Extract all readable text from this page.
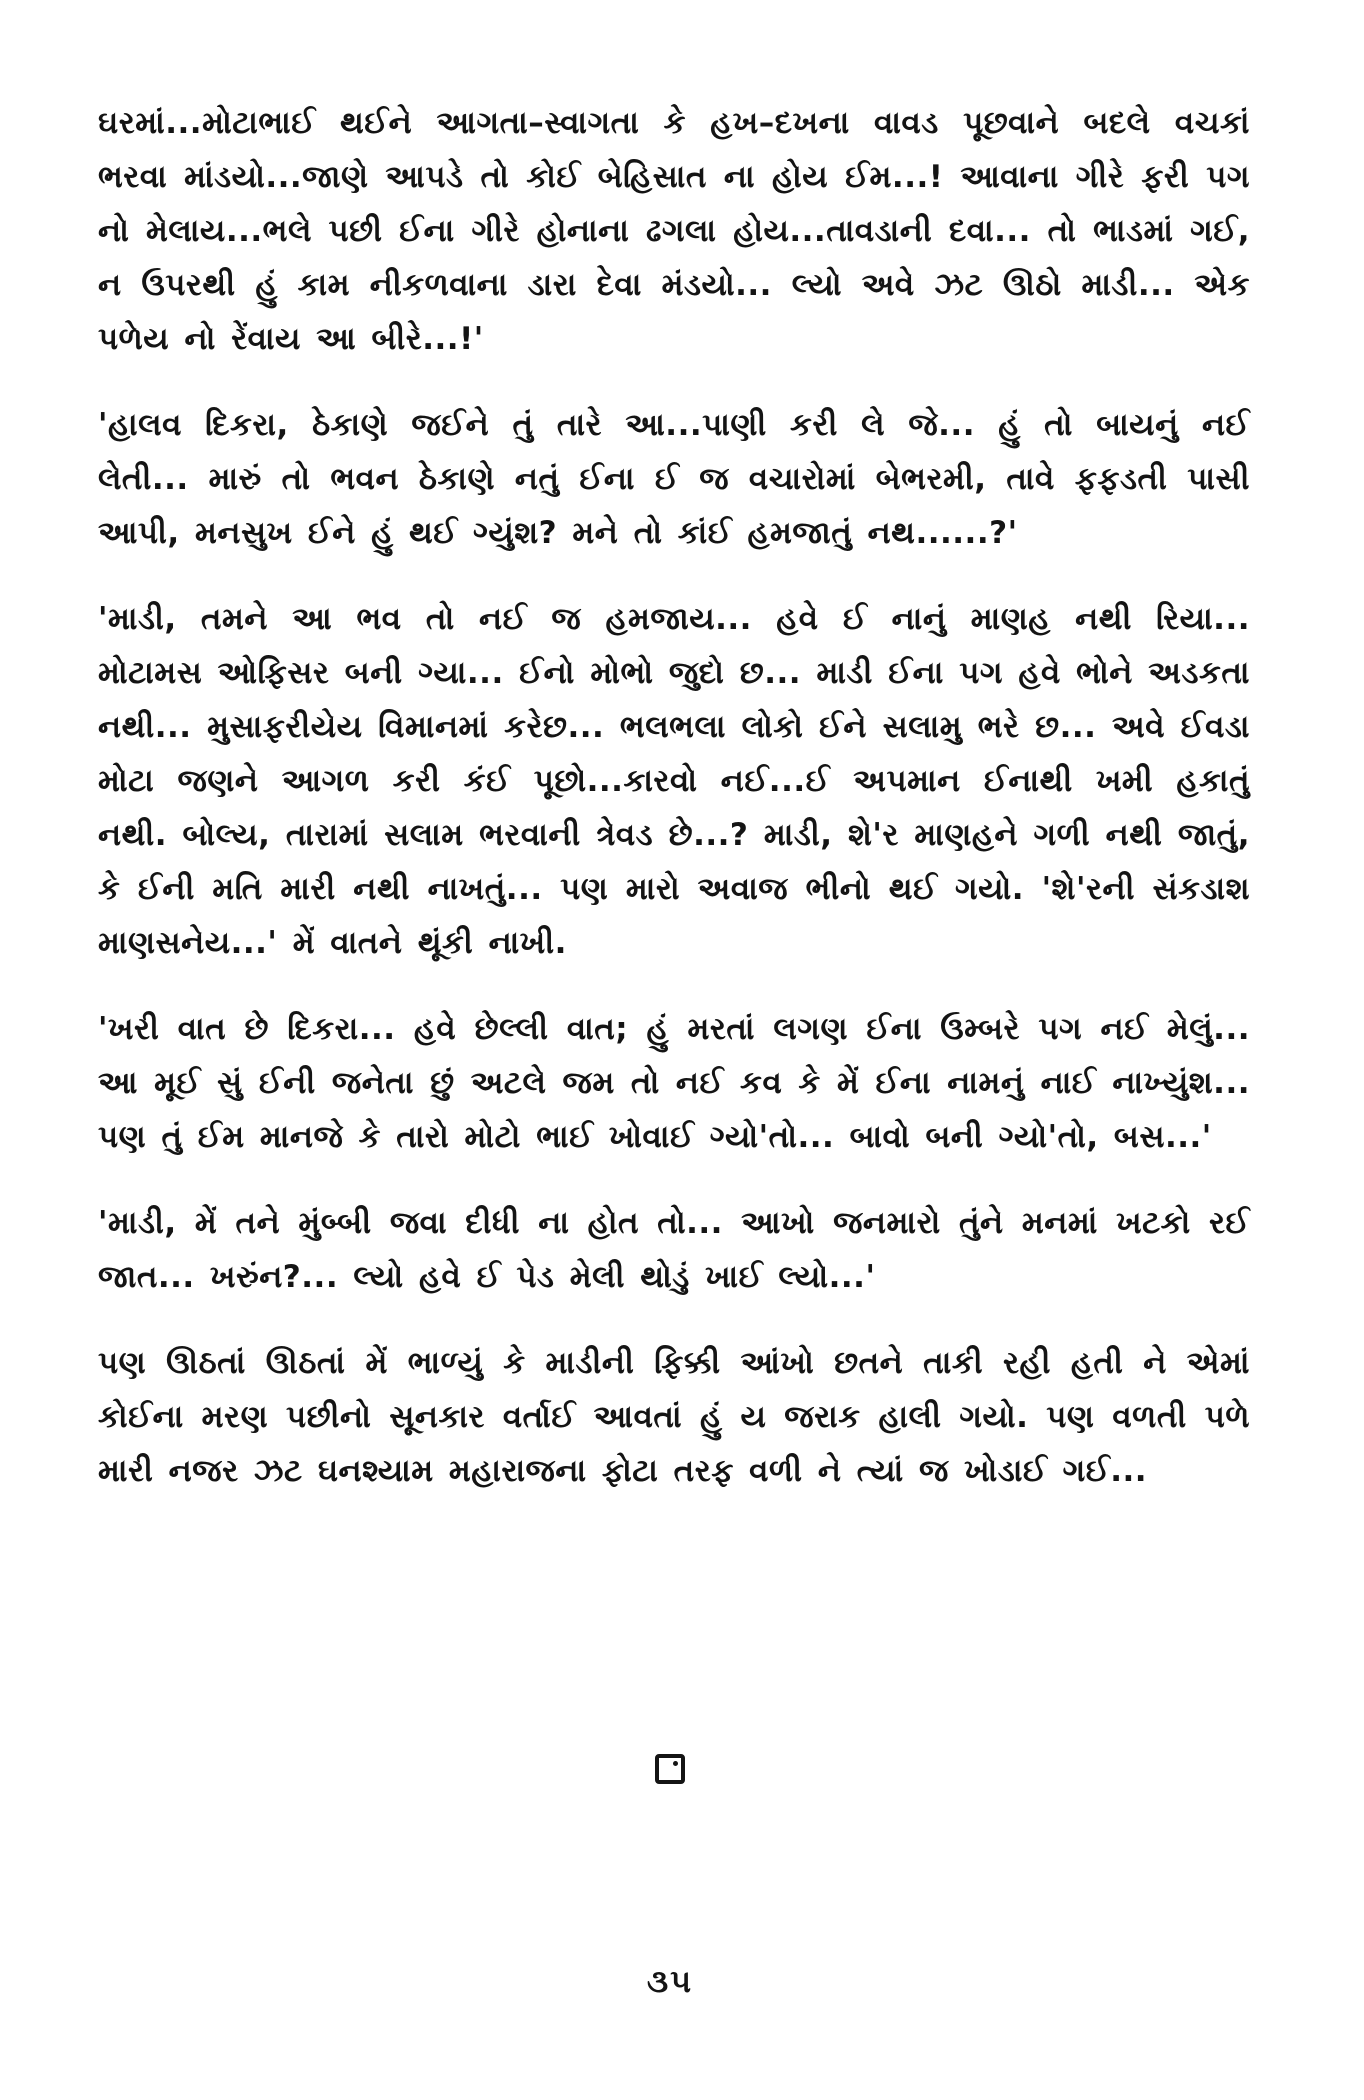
ઘરમાં...મોટાભાઈ થઈને આગતા–સ્વાગતા કે હખ–દખના વાવડ પૂછવાને બદલે વચકાં ભરવા માંડયો...જાણે આપડે તો કોઈ બેહિસાત ના હોય ઈમ...! આવાના ગીરે ફરી પગ નો મેલાય...ભલે પછી ઈના ગીરે હોનાના ઢગલા હોય...તાવડાની દવા... તો ભાડમાં ગઈ, ન ઉપરથી હું કામ નીકળવાના ડારા દેવા મંડયો... લ્યો અવે ઝટ ઊઠો માડી... એક પળેય નો રેંવાય આ બીરે...!'

'હાલવ દિકરા, ઠેકાણે જઈને તું તારે આ...પાણી કરી લે જે... હું તો બાયનું નઈ લેતી... મારું તો ભવન ઠેકાણે નતું ઈના ઈ જ વચારોમાં બેભરમી, તાવે ફફડતી પાસી આપી, મનસુખ ઈને હું થઈ ગ્યુંશ? મને તો કાંઈ હમજાતું નથ......?'

'માડી, તમને આ ભવ તો નઈ જ હમજાય... હવે ઈ નાનું માણહ નથી રિયા... મોટામસ ઓફિસર બની ગ્યા... ઈનો મોભો જુદો છ... માડી ઈના પગ હવે ભોને અડકતા નથી... મુસાફરીયેય વિમાનમાં કરેછ... ભલભલા લોકો ઈને સલામુ ભરે છ... અવે ઈવડા મોટા જણને આગળ કરી કંઈ પૂછો...કારવો નઈ...ઈ અપમાન ઈનાથી ખમી હકાતું નથી. બોલ્ય, તારામાં સલામ ભરવાની ત્રેવડ છે...? માડી, શે'ર માણહને ગળી નથી જાતું, કે ઈની મતિ મારી નથી નાખતું... પણ મારો અવાજ ભીનો થઈ ગયો. 'શે'રની સંકડાશ માણસનેય...' મેં વાતને થૂંકી નાખી.

'ખરી વાત છે દિકરા... હવે છેલ્લી વાત; હું મરતાં લગણ ઈના ઉમ્બરે પગ નઈ મેલું... આ મૂઈ સું ઈની જનેતા છું અટલે જમ તો નઈ કવ કે મેં ઈના નામનું નાઈ નાખ્યુંશ... પણ તું ઈમ માનજે કે તારો મોટો ભાઈ ખોવાઈ ગ્યો'તો... બાવો બની ગ્યો'તો, બસ...'

'માડી, મેં તને મુંબ્બી જવા દીધી ના હોત તો... આખો જનમારો તુંને મનમાં ખટકો રઈ જાત... ખરુંન?... લ્યો હવે ઈ પેડ મેલી થોડું ખાઈ લ્યો...'

પણ ઊઠતાં ઊઠતાં મેં ભાળ્યું કે માડીની ફિક્કી આંખો છતને તાકી રહી હતી ને એમાં કોઈના મરણ પછીનો સૂનકાર વર્તાઈ આવતાં હું ય જરાક હાલી ગયો. પણ વળતી પળે મારી નજર ઝટ ઘનશ્યામ મહારાજના ફોટા તરફ વળી ને ત્યાં જ ખોડાઈ ગઈ...

૩૫
